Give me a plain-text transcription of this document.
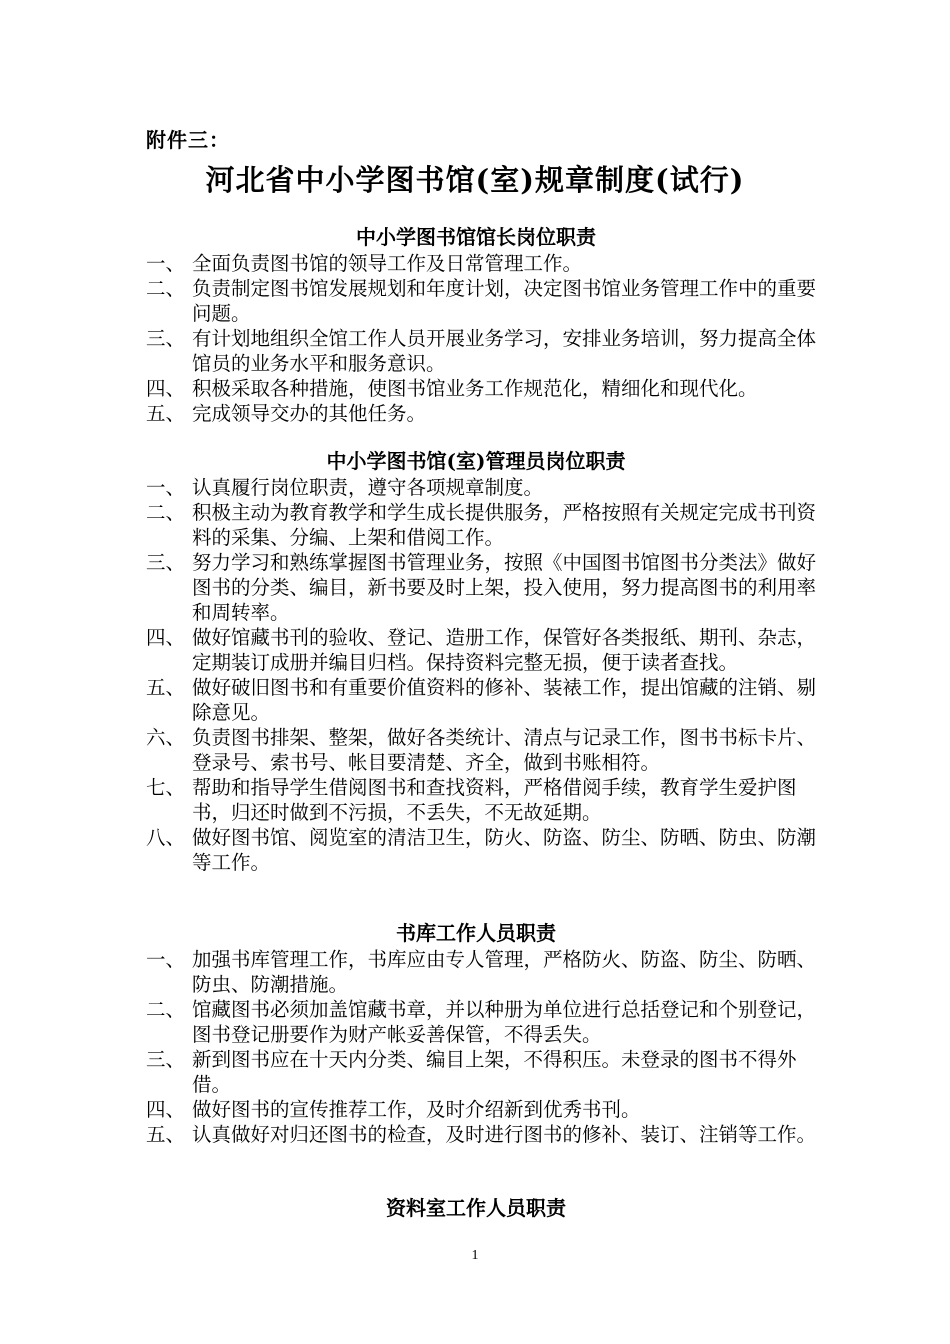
附件三：
河北省中小学图书馆(室)规章制度(试行)
中小学图书馆馆长岗位职责
一、 全面负责图书馆的领导工作及日常管理工作。
二、 负责制定图书馆发展规划和年度计划，决定图书馆业务管理工作中的重要问题。
三、 有计划地组织全馆工作人员开展业务学习，安排业务培训，努力提高全体馆员的业务水平和服务意识。
四、 积极采取各种措施，使图书馆业务工作规范化，精细化和现代化。
五、 完成领导交办的其他任务。
中小学图书馆(室)管理员岗位职责
一、 认真履行岗位职责，遵守各项规章制度。
二、 积极主动为教育教学和学生成长提供服务，严格按照有关规定完成书刊资料的采集、分编、上架和借阅工作。
三、 努力学习和熟练掌握图书管理业务，按照《中国图书馆图书分类法》做好图书的分类、编目，新书要及时上架，投入使用，努力提高图书的利用率和周转率。
四、 做好馆藏书刊的验收、登记、造册工作，保管好各类报纸、期刊、杂志，定期装订成册并编目归档。保持资料完整无损，便于读者查找。
五、 做好破旧图书和有重要价值资料的修补、装裱工作，提出馆藏的注销、剔除意见。
六、 负责图书排架、整架，做好各类统计、清点与记录工作，图书书标卡片、登录号、索书号、帐目要清楚、齐全，做到书账相符。
七、 帮助和指导学生借阅图书和查找资料，严格借阅手续，教育学生爱护图书，归还时做到不污损，不丢失，不无故延期。
八、 做好图书馆、阅览室的清洁卫生，防火、防盗、防尘、防晒、防虫、防潮等工作。
书库工作人员职责
一、 加强书库管理工作，书库应由专人管理，严格防火、防盗、防尘、防晒、防虫、防潮措施。
二、 馆藏图书必须加盖馆藏书章，并以种册为单位进行总括登记和个别登记，图书登记册要作为财产帐妥善保管，不得丢失。
三、 新到图书应在十天内分类、编目上架，不得积压。未登录的图书不得外借。
四、 做好图书的宣传推荐工作，及时介绍新到优秀书刊。
五、 认真做好对归还图书的检查，及时进行图书的修补、装订、注销等工作。
资料室工作人员职责
1
